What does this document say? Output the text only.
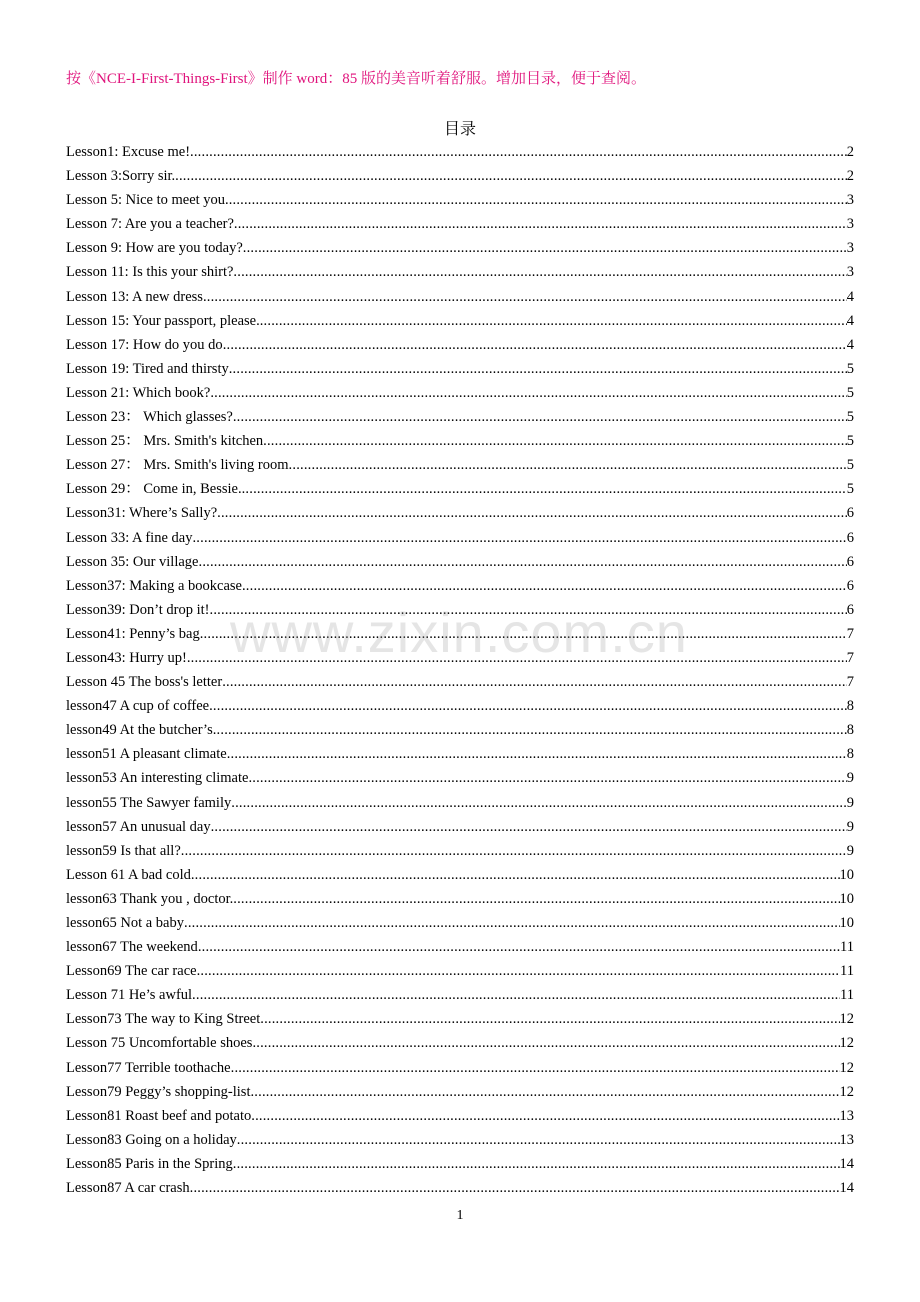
按《NCE-I-First-Things-First》制作 word：85 版的美音听着舒服。增加目录，便于查阅。
目录
Lesson1: Excuse me! .....	2
Lesson 3:Sorry sir. .....	2
Lesson 5: Nice to meet you. .....	3
Lesson 7: Are you a teacher? .....	3
Lesson 9: How are you today? .....	3
Lesson 11: Is this your shirt? .....	3
Lesson 13: A new dress .....	4
Lesson 15: Your passport, please. .....	4
Lesson 17: How do you do .....	4
Lesson 19: Tired and thirsty .....	5
Lesson 21: Which book? .....	5
Lesson 23： Which glasses? .....	5
Lesson 25： Mrs. Smith's kitchen .....	5
Lesson 27： Mrs. Smith's living room .....	5
Lesson 29： Come in, Bessie. .....	5
Lesson31: Where’s Sally? .....	6
Lesson 33: A fine day .....	6
Lesson 35: Our village .....	6
Lesson37: Making a bookcase .....	6
Lesson39: Don’t drop it! .....	6
Lesson41: Penny’s bag .....	7
Lesson43: Hurry up! .....	7
Lesson 45 The boss's letter .....	7
lesson47 A cup of coffee .....	8
lesson49 At the butcher’s .....	8
lesson51 A pleasant climate .....	8
lesson53 An interesting climate .....	9
lesson55 The Sawyer family .....	9
lesson57 An unusual day .....	9
lesson59 Is that all? .....	9
Lesson 61 A bad cold .....	10
lesson63 Thank you , doctor. .....	10
lesson65 Not a baby .....	10
lesson67 The weekend .....	11
Lesson69 The car race .....	11
Lesson 71 He’s awful .....	11
Lesson73 The way to King Street .....	12
Lesson 75 Uncomfortable shoes .....	12
Lesson77 Terrible toothache .....	12
Lesson79 Peggy’s shopping-list .....	12
Lesson81 Roast beef and potato .....	13
Lesson83 Going on a holiday .....	13
Lesson85 Paris in the Spring .....	14
Lesson87 A car crash .....	14
www.zixin.com.cn
1
